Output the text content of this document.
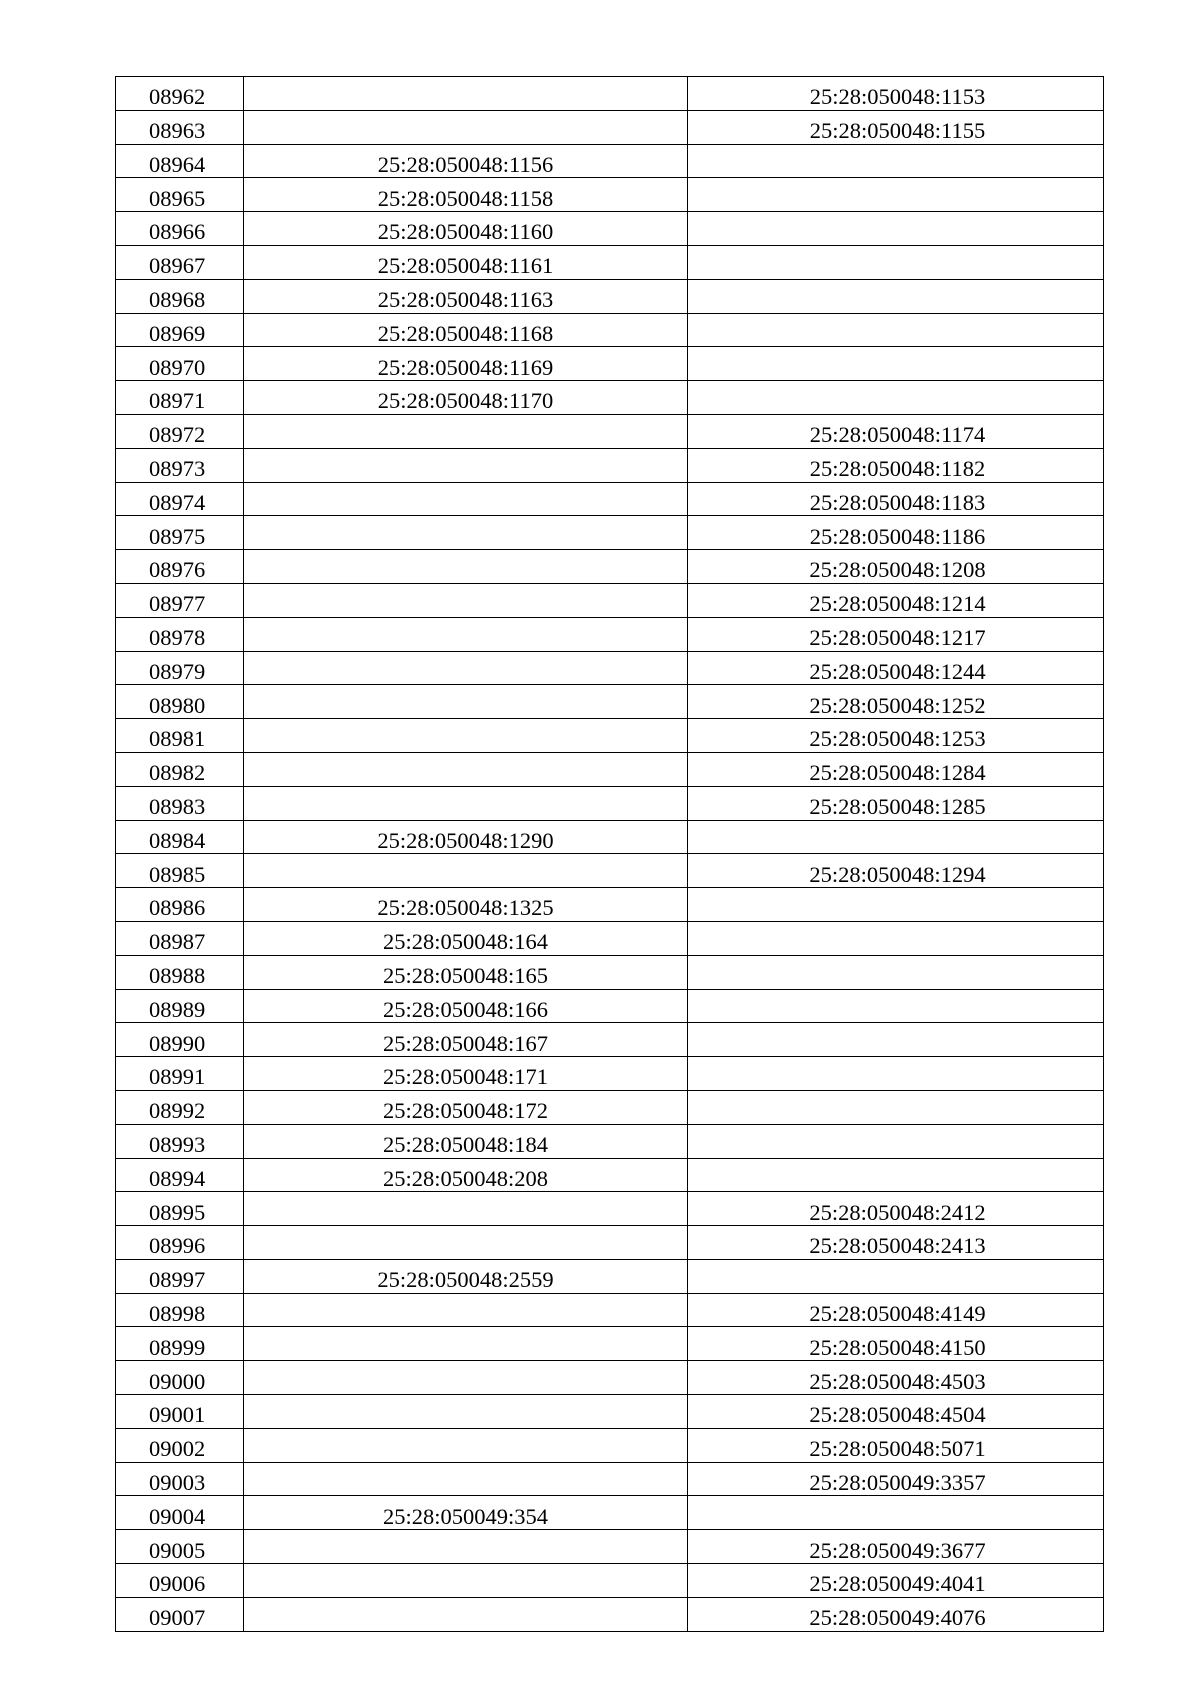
08962		25:28:050048:1153
08963		25:28:050048:1155
08964	25:28:050048:1156	
08965	25:28:050048:1158	
08966	25:28:050048:1160	
08967	25:28:050048:1161	
08968	25:28:050048:1163	
08969	25:28:050048:1168	
08970	25:28:050048:1169	
08971	25:28:050048:1170	
08972		25:28:050048:1174
08973		25:28:050048:1182
08974		25:28:050048:1183
08975		25:28:050048:1186
08976		25:28:050048:1208
08977		25:28:050048:1214
08978		25:28:050048:1217
08979		25:28:050048:1244
08980		25:28:050048:1252
08981		25:28:050048:1253
08982		25:28:050048:1284
08983		25:28:050048:1285
08984	25:28:050048:1290	
08985		25:28:050048:1294
08986	25:28:050048:1325	
08987	25:28:050048:164	
08988	25:28:050048:165	
08989	25:28:050048:166	
08990	25:28:050048:167	
08991	25:28:050048:171	
08992	25:28:050048:172	
08993	25:28:050048:184	
08994	25:28:050048:208	
08995		25:28:050048:2412
08996		25:28:050048:2413
08997	25:28:050048:2559	
08998		25:28:050048:4149
08999		25:28:050048:4150
09000		25:28:050048:4503
09001		25:28:050048:4504
09002		25:28:050048:5071
09003		25:28:050049:3357
09004	25:28:050049:354	
09005		25:28:050049:3677
09006		25:28:050049:4041
09007		25:28:050049:4076
